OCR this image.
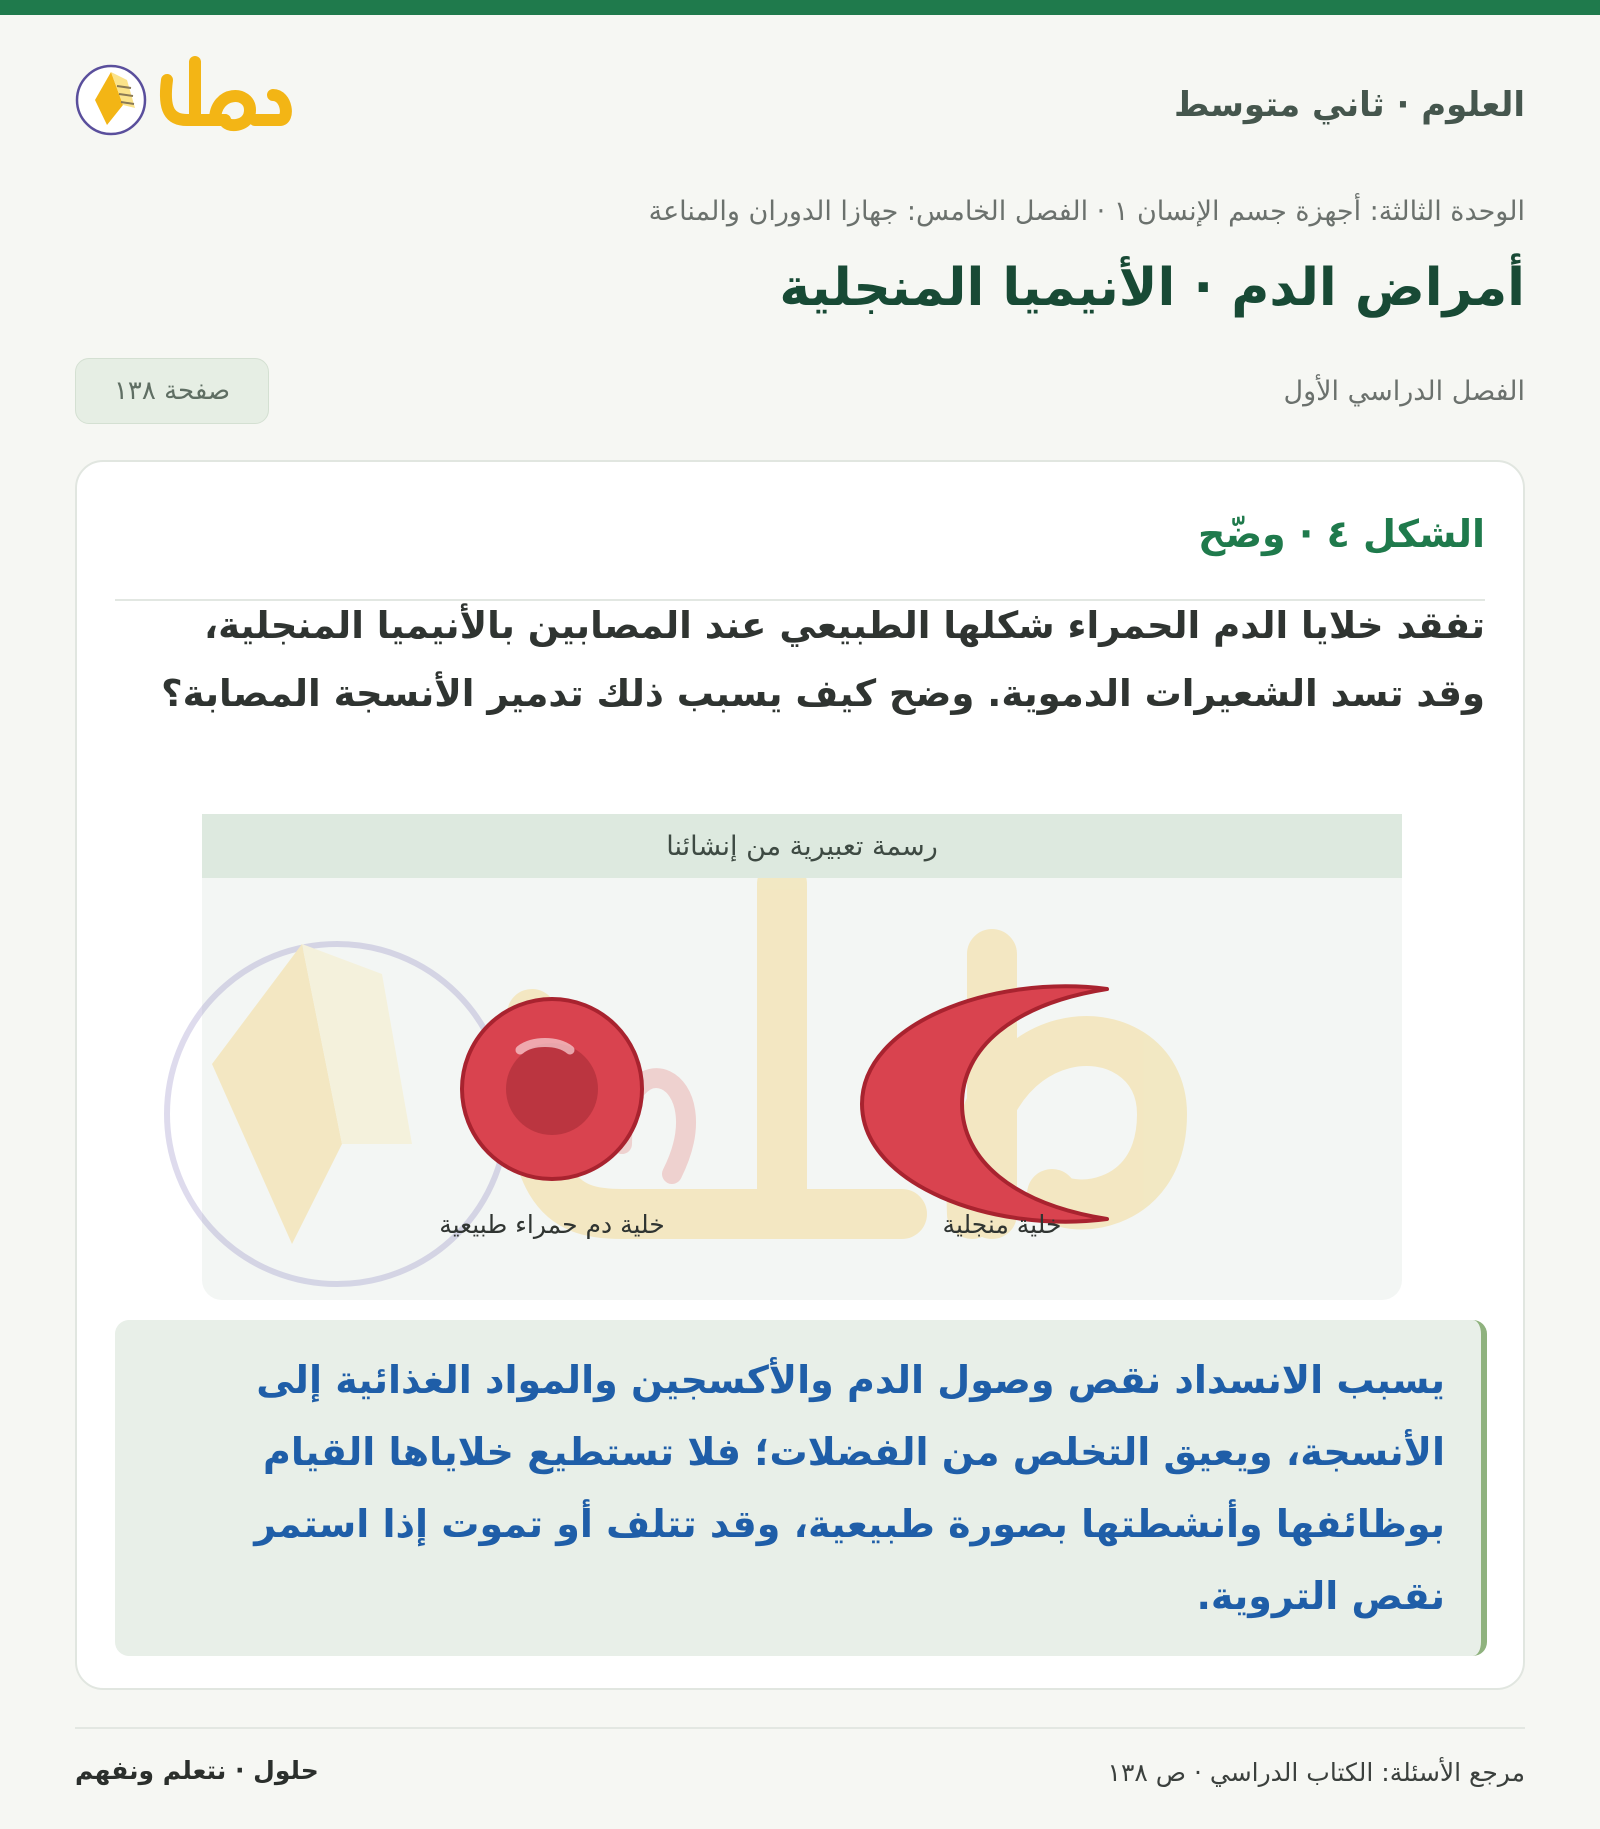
حلول
العلوم · ثاني متوسط
الوحدة الثالثة: أجهزة جسم الإنسان ١ · الفصل الخامس: جهازا الدوران والمناعة
أمراض الدم · الأنيميا المنجلية
الفصل الدراسي الأول
صفحة ١٣٨
الشكل ٤ · وضّح
تفقد خلايا الدم الحمراء شكلها الطبيعي عند المصابين بالأنيميا المنجلية، وقد تسد الشعيرات الدموية. وضح كيف يسبب ذلك تدمير الأنسجة المصابة؟
رسمة تعبيرية من إنشائنا
خلية دم حمراء طبيعية	خلية منجلية
يسبب الانسداد نقص وصول الدم والأكسجين والمواد الغذائية إلى الأنسجة، ويعيق التخلص من الفضلات؛ فلا تستطيع خلاياها القيام بوظائفها وأنشطتها بصورة طبيعية، وقد تتلف أو تموت إذا استمر نقص التروية.
مرجع الأسئلة: الكتاب الدراسي · ص ١٣٨
حلول · نتعلم ونفهم
